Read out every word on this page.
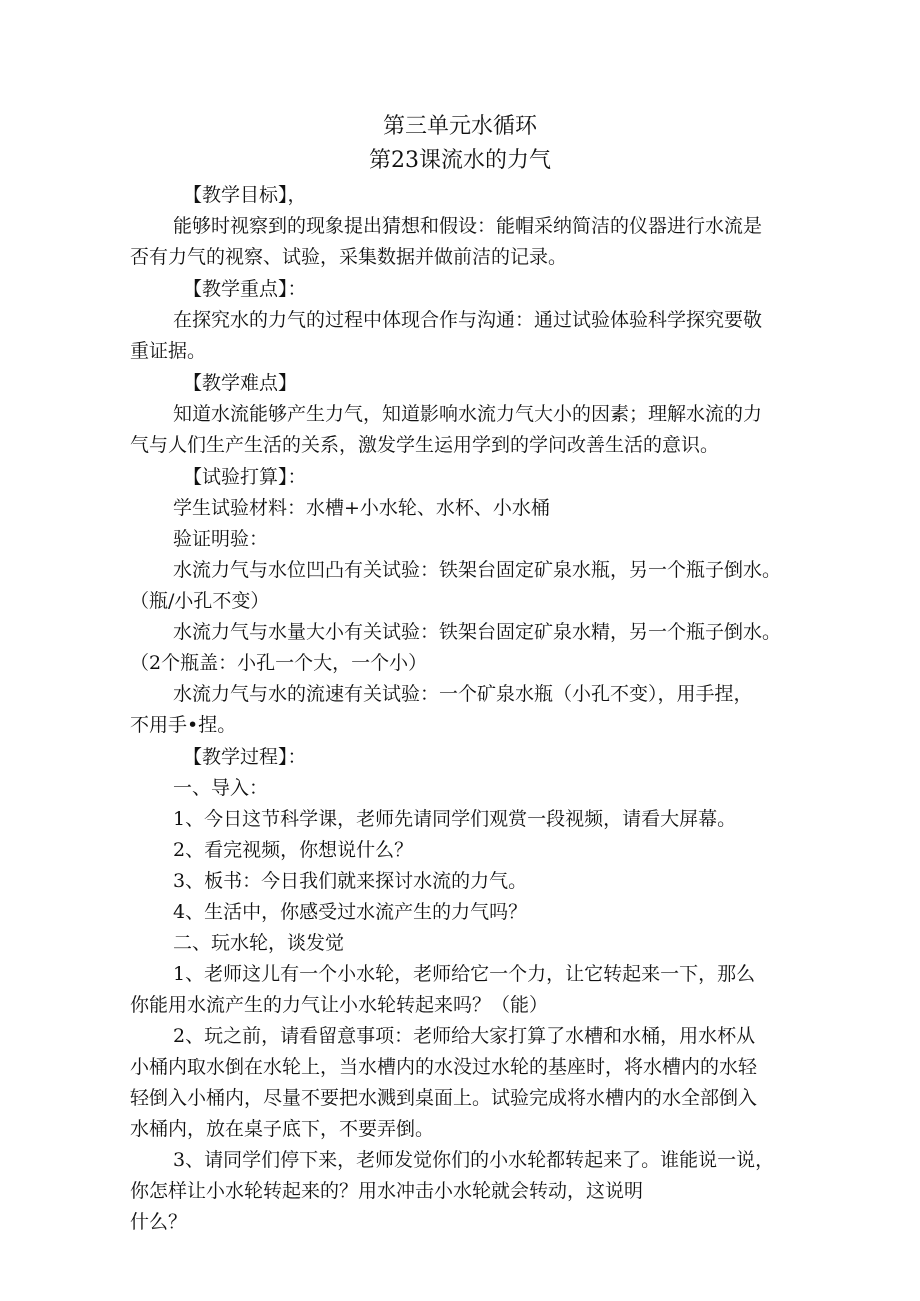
第三单元水循环
第23课流水的力气
【教学目标】，
能够时视察到的现象提出猜想和假设：能帽采纳简洁的仪器进行水流是
否有力气的视察、试验，采集数据并做前洁的记录。
【教学重点】：
在探究水的力气的过程中体现合作与沟通：通过试验体验科学探究要敬
重证据。
【教学难点】
知道水流能够产生力气，知道影响水流力气大小的因素；理解水流的力
气与人们生产生活的关系，激发学生运用学到的学问改善生活的意识。
【试验打算】：
学生试验材料：水槽+小水轮、水杯、小水桶
验证明验：
水流力气与水位凹凸有关试验：铁架台固定矿泉水瓶，另一个瓶子倒水。
（瓶/小孔不变）
水流力气与水量大小有关试验：铁架台固定矿泉水精，另一个瓶子倒水。
（2个瓶盖：小孔一个大，一个小）
水流力气与水的流速有关试验：一个矿泉水瓶（小孔不变），用手捏，
不用手•捏。
【教学过程】：
一、导入：
1、今日这节科学课，老师先请同学们观赏一段视频，请看大屏幕。
2、看完视频，你想说什么？
3、板书：今日我们就来探讨水流的力气。
4、生活中，你感受过水流产生的力气吗？
二、玩水轮，谈发觉
1、老师这儿有一个小水轮，老师给它一个力，让它转起来一下，那么
你能用水流产生的力气让小水轮转起来吗？（能）
2、玩之前，请看留意事项：老师给大家打算了水槽和水桶，用水杯从
小桶内取水倒在水轮上，当水槽内的水没过水轮的基座时，将水槽内的水轻
轻倒入小桶内，尽量不要把水溅到桌面上。试验完成将水槽内的水全部倒入
水桶内，放在桌子底下，不要弄倒。
3、请同学们停下来，老师发觉你们的小水轮都转起来了。谁能说一说，
你怎样让小水轮转起来的？用水冲击小水轮就会转动，这说明
什么？
